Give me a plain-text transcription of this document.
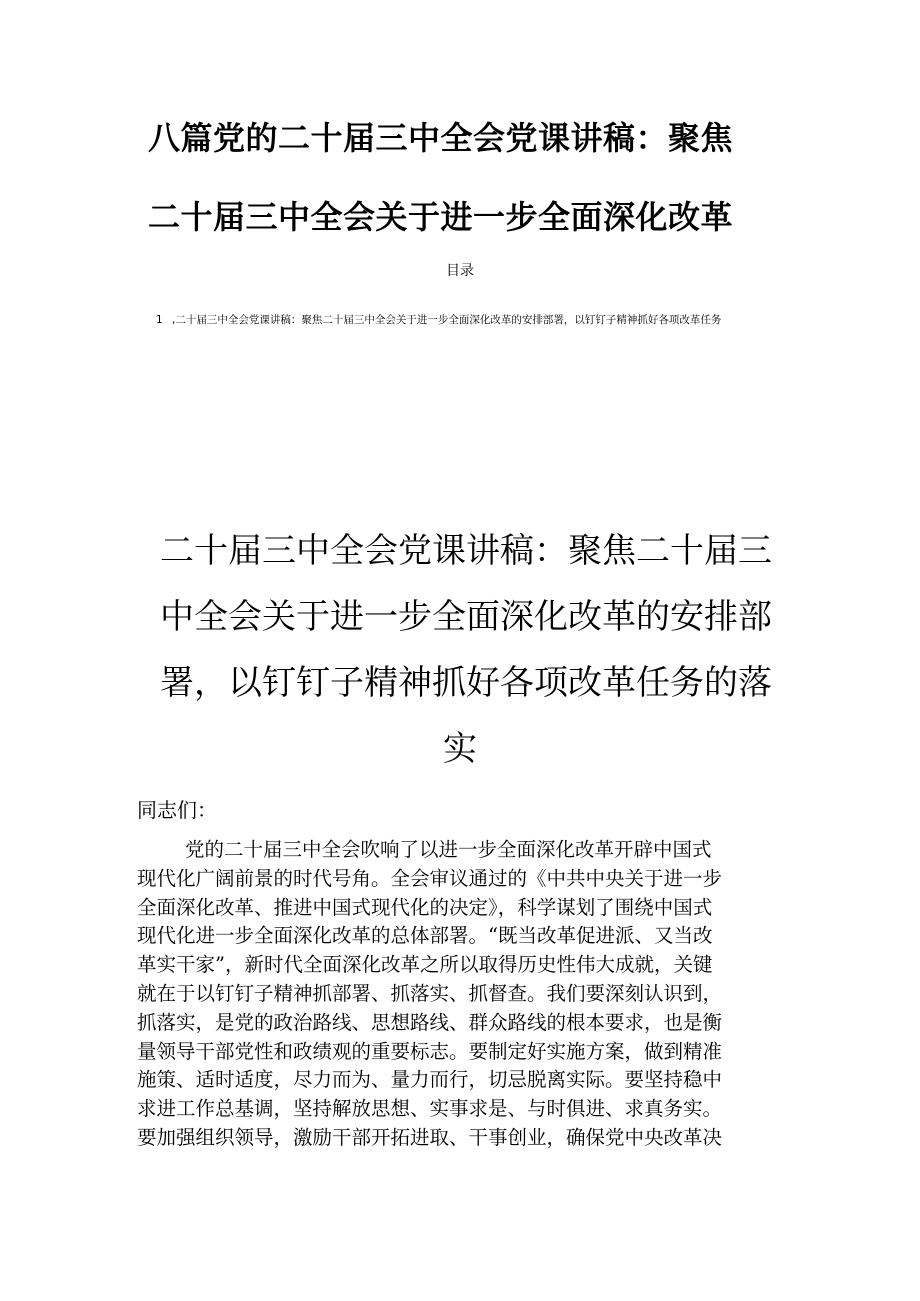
八篇党的二十届三中全会党课讲稿：聚焦
二十届三中全会关于进一步全面深化改革
目录
1 ,二十届三中全会党课讲稿：聚焦二十届三中全会关于进一步全面深化改革的安排部署，以钉钉子精神抓好各项改革任务
二十届三中全会党课讲稿：聚焦二十届三
中全会关于进一步全面深化改革的安排部
署，以钉钉子精神抓好各项改革任务的落
实
同志们：
党的二十届三中全会吹响了以进一步全面深化改革开辟中国式
现代化广阔前景的时代号角。全会审议通过的《中共中央关于进一步
全面深化改革、推进中国式现代化的决定》，科学谋划了围绕中国式
现代化进一步全面深化改革的总体部署。“既当改革促进派、又当改
革实干家”，新时代全面深化改革之所以取得历史性伟大成就，关键
就在于以钉钉子精神抓部署、抓落实、抓督查。我们要深刻认识到，
抓落实，是党的政治路线、思想路线、群众路线的根本要求，也是衡
量领导干部党性和政绩观的重要标志。要制定好实施方案，做到精准
施策、适时适度，尽力而为、量力而行，切忌脱离实际。要坚持稳中
求进工作总基调，坚持解放思想、实事求是、与时俱进、求真务实。
要加强组织领导，激励干部开拓进取、干事创业，确保党中央改革决
